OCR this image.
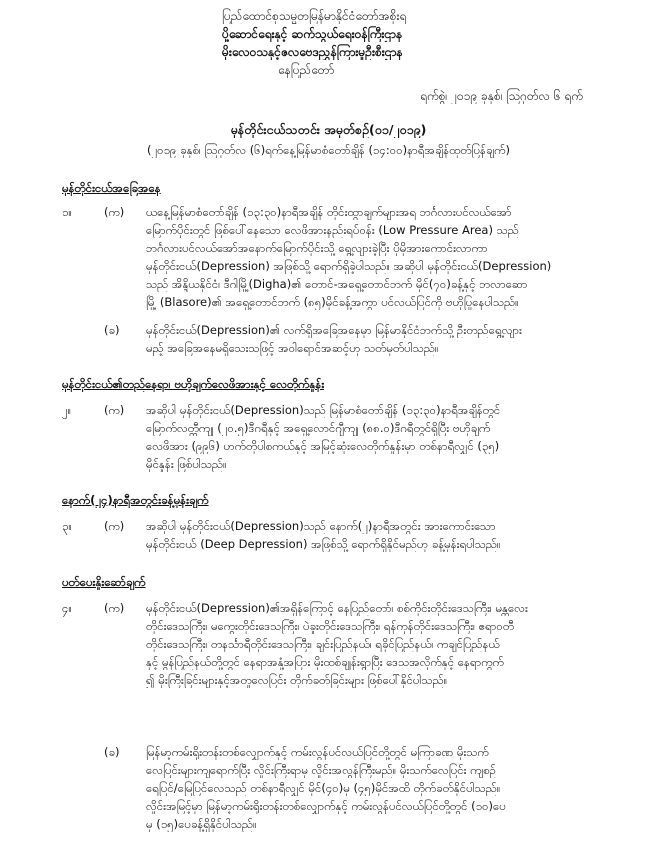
ပြည်ထောင်စုသမ္မတမြန်မာနိုင်ငံတော်အစိုးရ
ပို့ဆောင်ရေးနှင့် ဆက်သွယ်ရေးဝန်ကြီးဌာန
မိုးလေဝသနှင့်ဇလဗေဒညွှန်ကြားမှုဦးစီးဌာန
နေပြည်တော်
ရက်စွဲ၊ ၂၀၁၉ ခုနှစ်၊ ဩဂုတ်လ ၆ ရက်
မုန်တိုင်းငယ်သတင်း အမှတ်စဉ်(၀၁/၂၀၁၉)
(၂၀၁၉ ခုနှစ်၊ ဩဂုတ်လ (၆)ရက်နေ့မြန်မာစံတော်ချိန် (၁၄:၀၀)နာရီအချိန်ထုတ်ပြန်ချက်)
မုန်တိုင်းငယ်အခြေအနေ
၁။	(က) ယနေ့မြန်မာစံတော်ချိန် (၁၃:၃၀)နာရီအချိန် တိုင်းထွာချက်များအရ ဘင်္ဂလားပင်လယ်အော်
မြောက်ပိုင်းတွင် ဖြစ်ပေါ်နေသော လေဖိအားနည်းရပ်ဝန်း (Low Pressure Area) သည်
ဘင်္ဂလားပင်လယ်အော်အနောက်မြောက်ပိုင်းသို့ ရွေ့လျားခဲ့ပြီး ပိုမိုအားကောင်းလာကာ
မုန်တိုင်းငယ်(Depression) အဖြစ်သို့ ရောက်ရှိခဲ့ပါသည်။ အဆိုပါ မုန်တိုင်းငယ်(Depression)
သည် အိန္ဒိယနိုင်ငံ၊ ဒီဂါမြို့(Digha)၏ တောင်-အရှေ့တောင်ဘက် မိုင်(၇၀)ခန့်နှင့် ဘလာဆော
မြို့ (Blasore)၏ အရှေ့တောင်ဘက် (၈၅)မိုင်ခန့်အကွာ ပင်လယ်ပြင်ကို ဗဟိုပြုနေပါသည်။
(ခ) မုန်တိုင်းငယ်(Depression)၏ လက်ရှိအခြေအနေမှာ မြန်မာနိုင်ငံဘက်သို့ ဦးတည်ရွေ့လျား
မည့် အခြေအနေမရှိသေးသဖြင့် အဝါရောင်အဆင့်ဟု သတ်မှတ်ပါသည်။
မုန်တိုင်းငယ်၏တည်နေရာ၊ ဗဟိုချက်လေဖိအားနှင့် လေတိုက်နှုန်း
၂။	(က) အဆိုပါ မုန်တိုင်းငယ်(Depression)သည် မြန်မာစံတော်ချိန် (၁၃:၃၀)နာရီအချိန်တွင်
မြောက်လတ္တီကျု (၂၀.၅)ဒီဂရီနှင့် အရှေ့လောင်ဂျီကျု (၈၈.၀)ဒီဂရီတွင်ရှိပြီး ဗဟိုချက်
လေဖိအား (၉၉၆) ဟက်တိုပါစကယ်နှင့် အမြင့်ဆုံးလေတိုက်နှုန်းမှာ တစ်နာရီလျှင် (၃၅)
မိုင်နှုန်း ဖြစ်ပါသည်။
နောက်(၂၄)နာရီအတွင်းခန့်မှန်းချက်
၃။	(က) အဆိုပါ မုန်တိုင်းငယ်(Depression)သည် နောက်(၂)နာရီအတွင်း အားကောင်းသော
မုန်တိုင်းငယ် (Deep Depression) အဖြစ်သို့ ရောက်ရှိနိုင်မည်ဟု ခန့်မှန်းရပါသည်။
ပတ်ပေးနှိုးဆော်ချက်
၄။	(က) မုန်တိုင်းငယ်(Depression)၏အရှိန်ကြောင့် နေပြည်တော်၊ စစ်ကိုင်းတိုင်းဒေသကြီး၊ မန္တလေး
တိုင်းဒေသကြီး၊ မကွေးတိုင်းဒေသကြီး၊ ပဲခူးတိုင်းဒေသကြီး၊ ရန်ကုန်တိုင်းဒေသကြီး၊ ဧရာဝတီ
တိုင်းဒေသကြီး၊ တနင်္သာရီတိုင်းဒေသကြီး၊ ချင်းပြည်နယ်၊ ရခိုင်ပြည်နယ်၊ ကချင်ပြည်နယ်
နှင့် မွန်ပြည်နယ်တို့တွင် နေရာအနှံ့အပြား မိုးထစ်ချုန်းရွာပြီး ဒေသအလိုက်နှင့် နေရာကွက်
၍ မိုးကြီးခြင်းများနှင့်အတူလေပြင်း တိုက်ခတ်ခြင်းများ ဖြစ်ပေါ်နိုင်ပါသည်။
(ခ) မြန်မာ့ကမ်းရိုးတန်းတစ်လျှောက်နှင့် ကမ်းလွန်ပင်လယ်ပြင်တို့တွင် မကြာခဏ မိုးသက်
လေပြင်းများကျရောက်ပြီး လှိုင်းကြီးရာမှ လှိုင်းအလွန်ကြီးမည်။ မိုးသက်လေပြင်း ကျစဉ်
ရေပြင်/မြေပြင်လေသည် တစ်နာရီလျှင် မိုင်(၄၀)မှ (၄၅)မိုင်အထိ တိုက်ခတ်နိုင်ပါသည်။
လှိုင်းအမြင့်မှာ မြန်မာ့ကမ်းရိုးတန်းတစ်လျှောက်နှင့် ကမ်းလွန်ပင်လယ်ပြင်တို့တွင် (၁၀)ပေ
မှ (၁၅)ပေခန့်ရှိနိုင်ပါသည်။
